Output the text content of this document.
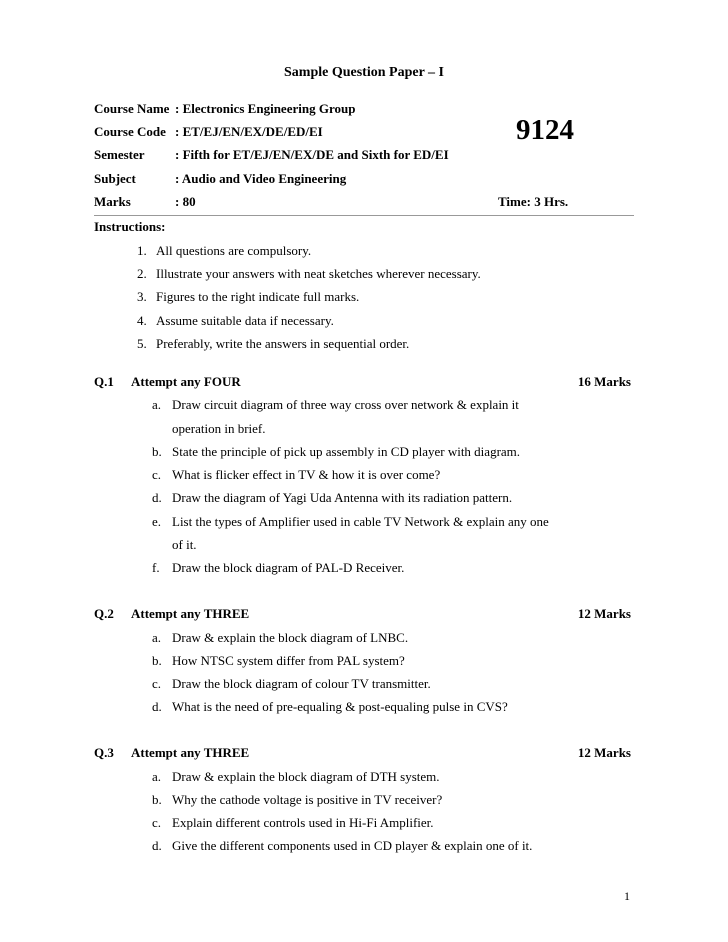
Sample Question Paper – I
Course Name : Electronics Engineering Group
Course Code : ET/EJ/EN/EX/DE/ED/EI
Semester : Fifth for ET/EJ/EN/EX/DE and Sixth for ED/EI
Subject	: Audio and Video Engineering
Marks	: 80
9124
Time: 3 Hrs.
Instructions:
1. All questions are compulsory.
2. Illustrate your answers with neat sketches wherever necessary.
3. Figures to the right indicate full marks.
4. Assume suitable data if necessary.
5. Preferably, write the answers in sequential order.
Q.1 Attempt any FOUR	16 Marks
a. Draw circuit diagram of three way cross over network & explain it
operation in brief.
b. State the principle of pick up assembly in CD player with diagram.
c. What is flicker effect in TV & how it is over come?
d. Draw the diagram of Yagi Uda Antenna with its radiation pattern.
e. List the types of Amplifier used in cable TV Network & explain any one
of it.
f. Draw the block diagram of PAL-D Receiver.
Q.2 Attempt any THREE	12 Marks
a. Draw & explain the block diagram of LNBC.
b. How NTSC system differ from PAL system?
c. Draw the block diagram of colour TV transmitter.
d. What is the need of pre-equaling & post-equaling pulse in CVS?
Q.3 Attempt any THREE	12 Marks
a. Draw & explain the block diagram of DTH system.
b. Why the cathode voltage is positive in TV receiver?
c. Explain different controls used in Hi-Fi Amplifier.
d. Give the different components used in CD player & explain one of it.
1
